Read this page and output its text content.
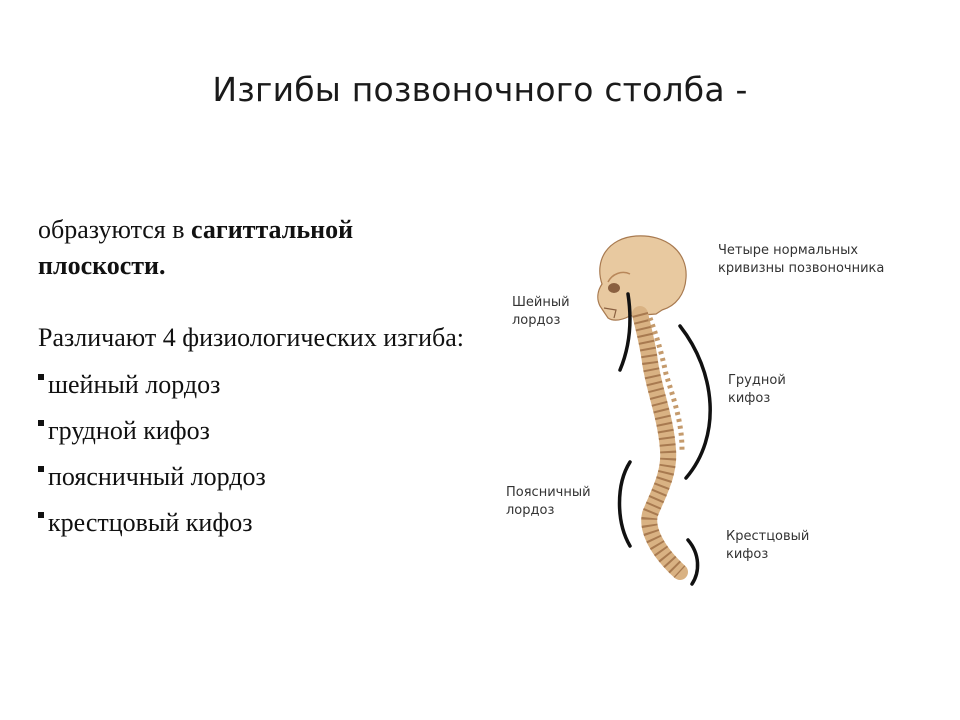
Изгибы позвоночного столба -

образуются в сагиттальной плоскости.

Различают 4 физиологических изгиба:

шейный лордоз
грудной кифоз
поясничный лордоз
крестцовый кифоз
Четыре нормальных
кривизны позвоночника
Шейный
лордоз
Грудной
кифоз
Поясничный
лордоз
Крестцовый
кифоз
